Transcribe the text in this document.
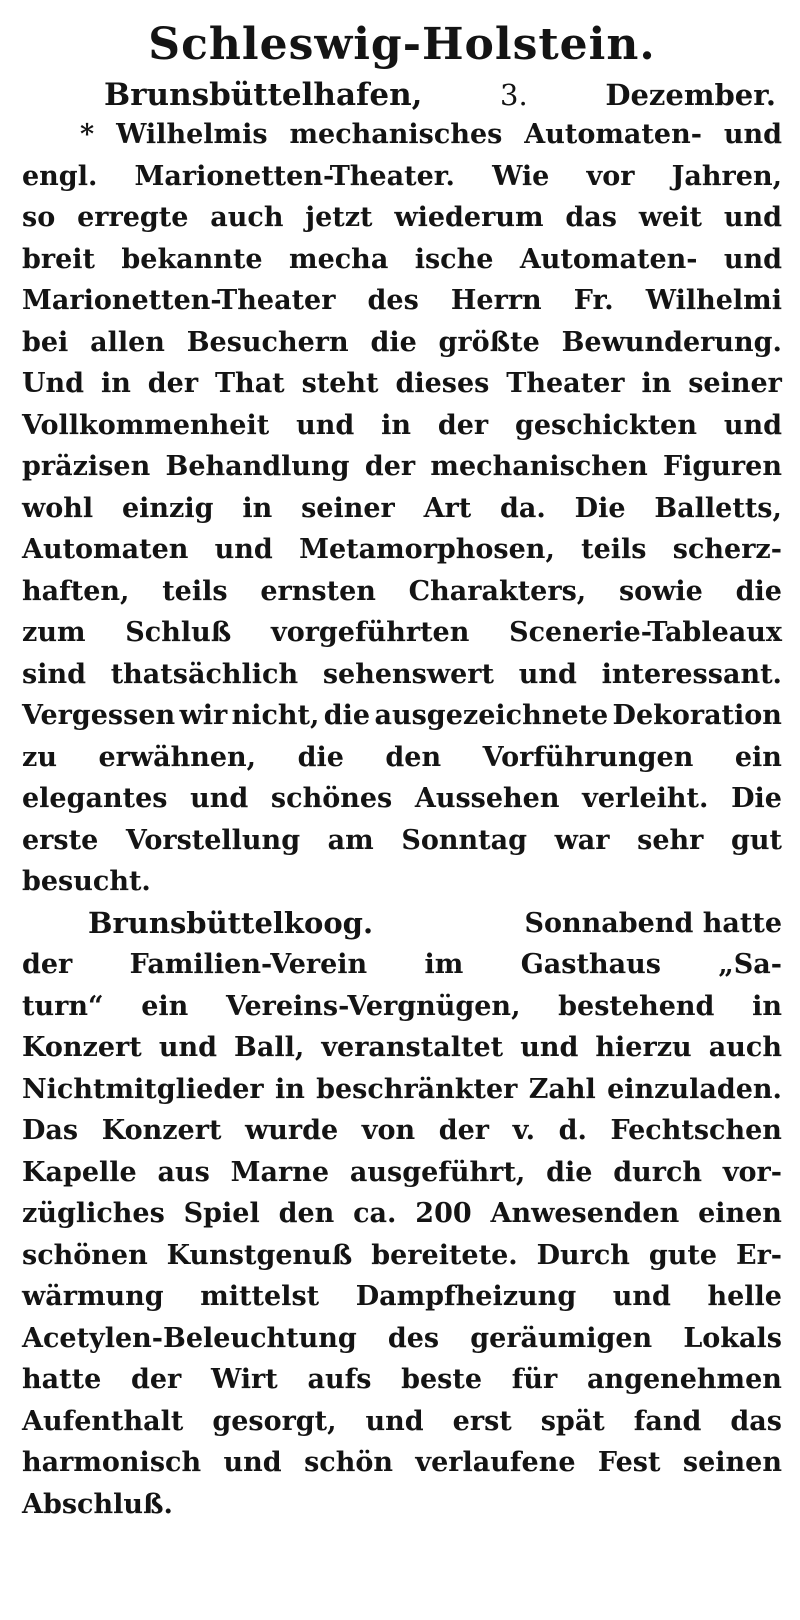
Schleswig-Holstein.
Brunsbüttelhafen,	3.	Dezember.
* Wilhelmis mechanisches Automaten- und
engl. Marionetten-Theater. Wie vor Jahren,
so erregte auch jetzt wiederum das weit und
breit bekannte mecha ische Automaten- und
Marionetten-Theater des Herrn Fr. Wilhelmi
bei allen Besuchern die größte Bewunderung.
Und in der That steht dieses Theater in seiner
Vollkommenheit und in der geschickten und
präzisen Behandlung der mechanischen Figuren
wohl einzig in seiner Art da. Die Balletts,
Automaten und Metamorphosen, teils scherz-
haften, teils ernsten Charakters, sowie die
zum Schluß vorgeführten Scenerie-Tableaux
sind thatsächlich sehenswert und interessant.
Vergessen wir nicht, die ausgezeichnete Dekoration
zu erwähnen, die den Vorführungen ein
elegantes und schönes Aussehen verleiht. Die
erste Vorstellung am Sonntag war sehr gut
besucht.
Brunsbüttelkoog.	Sonnabend hatte
der Familien-Verein im Gasthaus „Sa-
turn“ ein Vereins-Vergnügen, bestehend in
Konzert und Ball, veranstaltet und hierzu auch
Nichtmitglieder in beschränkter Zahl einzuladen.
Das Konzert wurde von der v. d. Fechtschen
Kapelle aus Marne ausgeführt, die durch vor-
zügliches Spiel den ca. 200 Anwesenden einen
schönen Kunstgenuß bereitete. Durch gute Er-
wärmung mittelst Dampfheizung und helle
Acetylen-Beleuchtung des geräumigen Lokals
hatte der Wirt aufs beste für angenehmen
Aufenthalt gesorgt, und erst spät fand das
harmonisch und schön verlaufene Fest seinen
Abschluß.
